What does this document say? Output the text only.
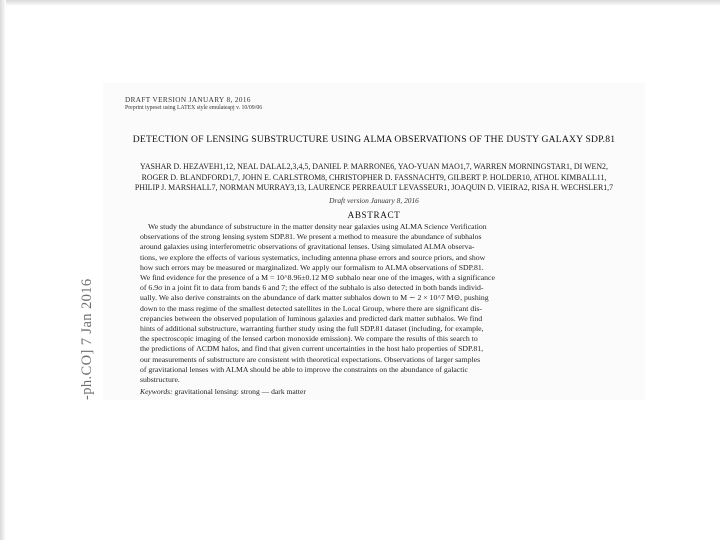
-ph.CO] 7 Jan 2016
DRAFT VERSION JANUARY 8, 2016
Preprint typeset using LATEX style emulateapj v. 10/09/06
DETECTION OF LENSING SUBSTRUCTURE USING ALMA OBSERVATIONS OF THE DUSTY GALAXY SDP.81
YASHAR D. HEZAVEH1,12, NEAL DALAL2,3,4,5, DANIEL P. MARRONE6, YAO-YUAN MAO1,7, WARREN MORNINGSTAR1, DI WEN2,
ROGER D. BLANDFORD1,7, JOHN E. CARLSTROM8, CHRISTOPHER D. FASSNACHT9, GILBERT P. HOLDER10, ATHOL KIMBALL11,
PHILIP J. MARSHALL7, NORMAN MURRAY3,13, LAURENCE PERREAULT LEVASSEUR1, JOAQUIN D. VIEIRA2, RISA H. WECHSLER1,7
Draft version January 8, 2016
ABSTRACT
We study the abundance of substructure in the matter density near galaxies using ALMA Science Verification
observations of the strong lensing system SDP.81. We present a method to measure the abundance of subhalos
around galaxies using interferometric observations of gravitational lenses. Using simulated ALMA observa-
tions, we explore the effects of various systematics, including antenna phase errors and source priors, and show
how such errors may be measured or marginalized. We apply our formalism to ALMA observations of SDP.81.
We find evidence for the presence of a M = 10^8.96±0.12 M⊙ subhalo near one of the images, with a significance
of 6.9σ in a joint fit to data from bands 6 and 7; the effect of the subhalo is also detected in both bands individ-
ually. We also derive constraints on the abundance of dark matter subhalos down to M ∼ 2 × 10^7 M⊙, pushing
down to the mass regime of the smallest detected satellites in the Local Group, where there are significant dis-
crepancies between the observed population of luminous galaxies and predicted dark matter subhalos. We find
hints of additional substructure, warranting further study using the full SDP.81 dataset (including, for example,
the spectroscopic imaging of the lensed carbon monoxide emission). We compare the results of this search to
the predictions of ΛCDM halos, and find that given current uncertainties in the host halo properties of SDP.81,
our measurements of substructure are consistent with theoretical expectations. Observations of larger samples
of gravitational lenses with ALMA should be able to improve the constraints on the abundance of galactic
substructure.
Keywords: gravitational lensing: strong — dark matter
